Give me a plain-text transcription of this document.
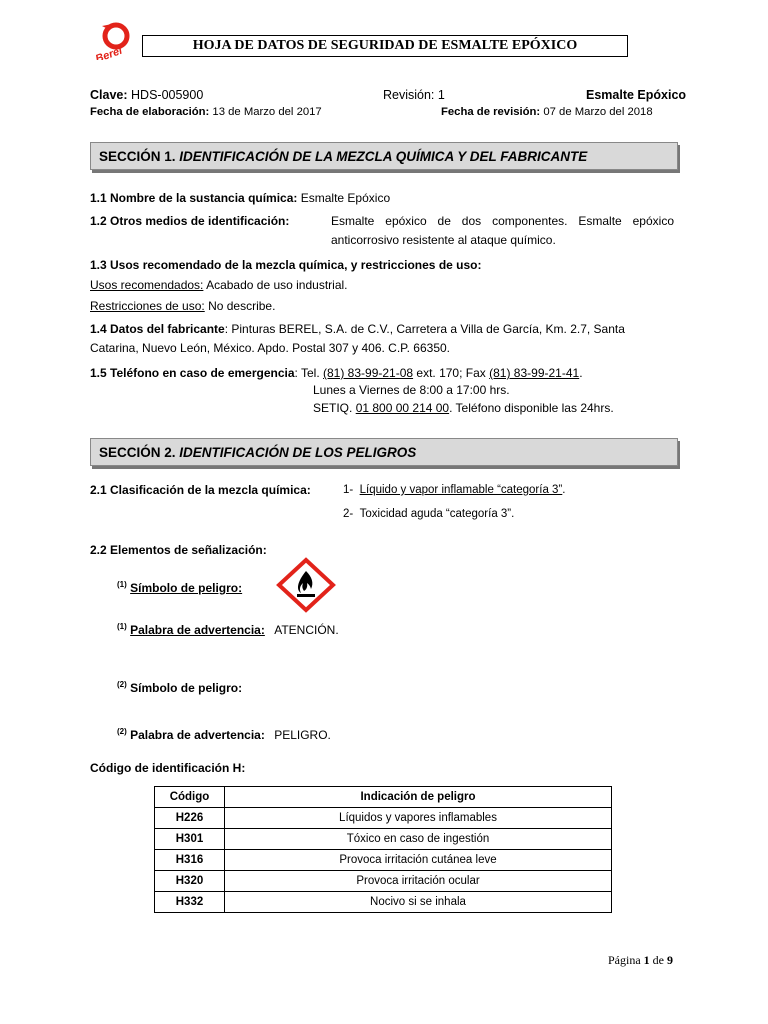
Berel	HOJA DE DATOS DE SEGURIDAD DE ESMALTE EPÓXICO
Clave: HDS-005900	Revisión: 1	Esmalte Epóxico
Fecha de elaboración: 13 de Marzo del 2017	Fecha de revisión: 07 de Marzo del 2018
SECCIÓN 1. IDENTIFICACIÓN DE LA MEZCLA QUÍMICA Y DEL FABRICANTE
1.1 Nombre de la sustancia química: Esmalte Epóxico
1.2 Otros medios de identificación:	Esmalte epóxico de dos componentes. Esmalte epóxico
anticorrosivo resistente al ataque químico.
1.3 Usos recomendado de la mezcla química, y restricciones de uso:
Usos recomendados: Acabado de uso industrial.
Restricciones de uso: No describe.
1.4 Datos del fabricante: Pinturas BEREL, S.A. de C.V., Carretera a Villa de García, Km. 2.7, Santa
Catarina, Nuevo León, México. Apdo. Postal 307 y 406. C.P. 66350.
1.5 Teléfono en caso de emergencia: Tel. (81) 83-99-21-08 ext. 170; Fax (81) 83-99-21-41.
Lunes a Viernes de 8:00 a 17:00 hrs.
SETIQ. 01 800 00 214 00. Teléfono disponible las 24hrs.
SECCIÓN 2. IDENTIFICACIÓN DE LOS PELIGROS
2.1 Clasificación de la mezcla química:	1- Líquido y vapor inflamable “categoría 3”.
2- Toxicidad aguda “categoría 3”.
2.2 Elementos de señalización:
$^{(1)}$ Símbolo de peligro:
$^{(1)}$ Palabra de advertencia: ATENCIÓN.
$^{(2)}$ Símbolo de peligro:
$^{(2)}$ Palabra de advertencia: PELIGRO.
Código de identificación H:
Código	Indicación de peligro
H226	Líquidos y vapores inflamables
H301	Tóxico en caso de ingestión
H316	Provoca irritación cutánea leve
H320	Provoca irritación ocular
H332	Nocivo si se inhala
Página 1 de 9
